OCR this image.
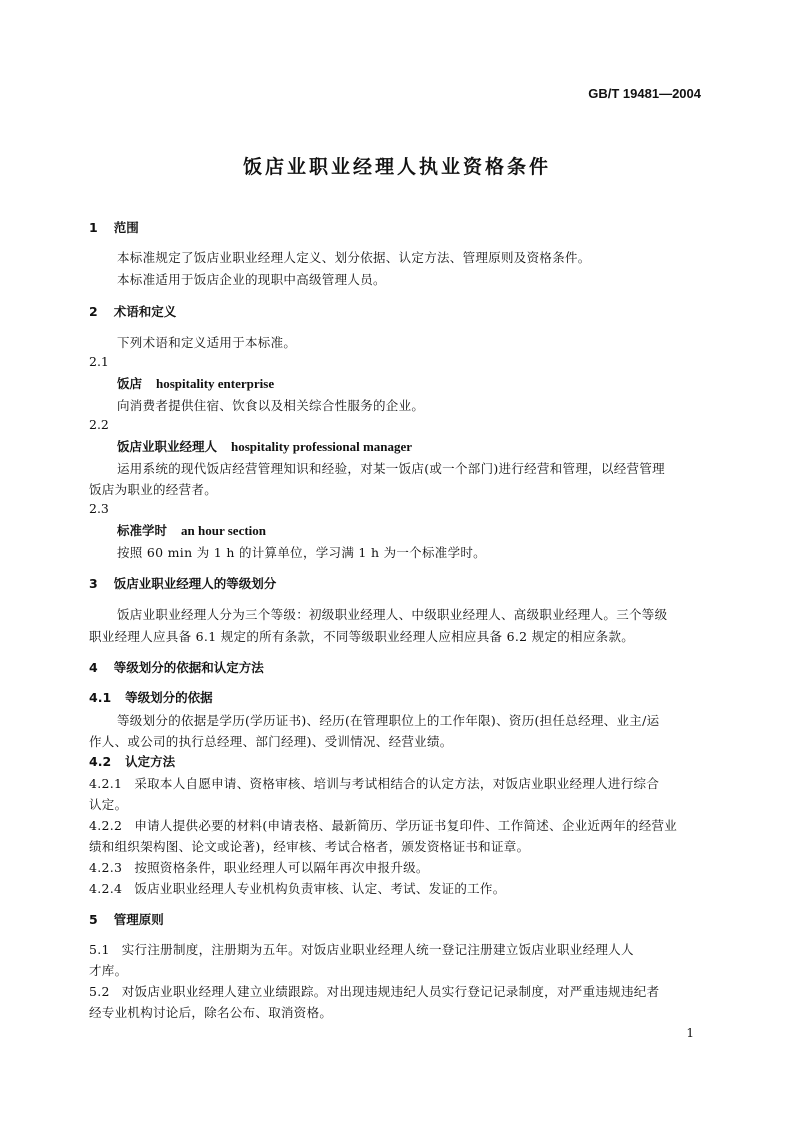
GB/T 19481—2004
饭店业职业经理人执业资格条件
1 范围
本标准规定了饭店业职业经理人定义、划分依据、认定方法、管理原则及资格条件。
本标准适用于饭店企业的现职中高级管理人员。
2 术语和定义
下列术语和定义适用于本标准。
2.1
饭店 hospitality enterprise
向消费者提供住宿、饮食以及相关综合性服务的企业。
2.2
饭店业职业经理人 hospitality professional manager
运用系统的现代饭店经营管理知识和经验，对某一饭店(或一个部门)进行经营和管理，以经营管理
饭店为职业的经营者。
2.3
标准学时 an hour section
按照 60 min 为 1 h 的计算单位，学习满 1 h 为一个标准学时。
3 饭店业职业经理人的等级划分
饭店业职业经理人分为三个等级：初级职业经理人、中级职业经理人、高级职业经理人。三个等级
职业经理人应具备 6.1 规定的所有条款，不同等级职业经理人应相应具备 6.2 规定的相应条款。
4 等级划分的依据和认定方法
4.1 等级划分的依据
等级划分的依据是学历(学历证书)、经历(在管理职位上的工作年限)、资历(担任总经理、业主/运
作人、或公司的执行总经理、部门经理)、受训情况、经营业绩。
4.2 认定方法
4.2.1 采取本人自愿申请、资格审核、培训与考试相结合的认定方法，对饭店业职业经理人进行综合
认定。
4.2.2 申请人提供必要的材料(申请表格、最新简历、学历证书复印件、工作简述、企业近两年的经营业
绩和组织架构图、论文或论著)，经审核、考试合格者，颁发资格证书和证章。
4.2.3 按照资格条件，职业经理人可以隔年再次申报升级。
4.2.4 饭店业职业经理人专业机构负责审核、认定、考试、发证的工作。
5 管理原则
5.1 实行注册制度，注册期为五年。对饭店业职业经理人统一登记注册建立饭店业职业经理人人
才库。
5.2 对饭店业职业经理人建立业绩跟踪。对出现违规违纪人员实行登记记录制度，对严重违规违纪者
经专业机构讨论后，除名公布、取消资格。
1
